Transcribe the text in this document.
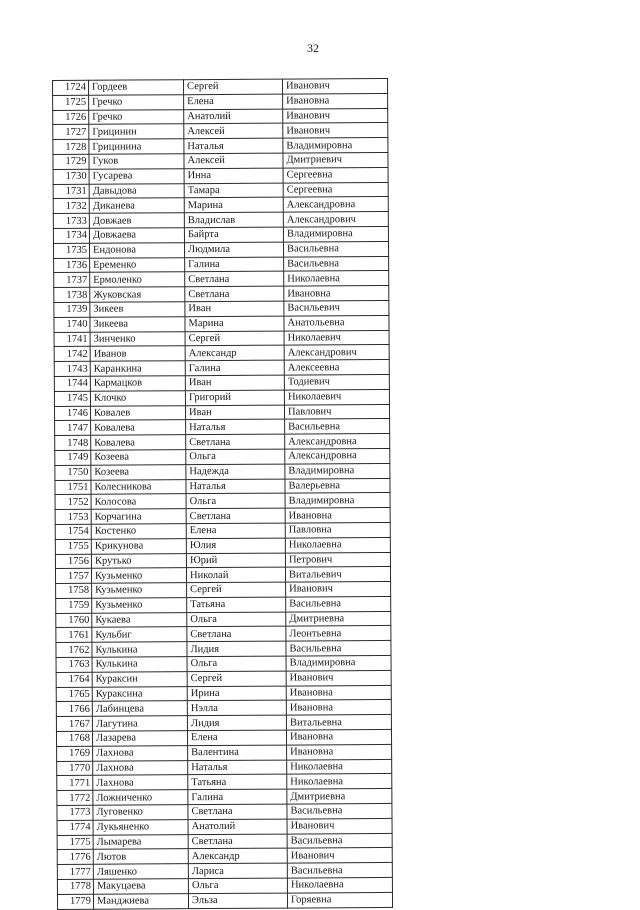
32
1724	Гордеев	Сергей	Иванович
1725	Гречко	Елена	Ивановна
1726	Гречко	Анатолий	Иванович
1727	Грицинин	Алексей	Иванович
1728	Грицинина	Наталья	Владимировна
1729	Гуков	Алексей	Дмитриевич
1730	Гусарева	Инна	Сергеевна
1731	Давыдова	Тамара	Сергеевна
1732	Диканева	Марина	Александровна
1733	Довжаев	Владислав	Александрович
1734	Довжаева	Байрта	Владимировна
1735	Ендонова	Людмила	Васильевна
1736	Еременко	Галина	Васильевна
1737	Ермоленко	Светлана	Николаевна
1738	Жуковская	Светлана	Ивановна
1739	Зикеев	Иван	Васильевич
1740	Зикеева	Марина	Анатольевна
1741	Зинченко	Сергей	Николаевич
1742	Иванов	Александр	Александрович
1743	Каранкина	Галина	Алексеевна
1744	Кармацков	Иван	Тодиевич
1745	Клочко	Григорий	Николаевич
1746	Ковалев	Иван	Павлович
1747	Ковалева	Наталья	Васильевна
1748	Ковалева	Светлана	Александровна
1749	Козеева	Ольга	Александровна
1750	Козеева	Надежда	Владимировна
1751	Колесникова	Наталья	Валерьевна
1752	Колосова	Ольга	Владимировна
1753	Корчагина	Светлана	Ивановна
1754	Костенко	Елена	Павловна
1755	Крикунова	Юлия	Николаевна
1756	Крутько	Юрий	Петрович
1757	Кузьменко	Николай	Витальевич
1758	Кузьменко	Сергей	Иванович
1759	Кузьменко	Татьяна	Васильевна
1760	Кукаева	Ольга	Дмитриевна
1761	Кульбиг	Светлана	Леонтьевна
1762	Кулькина	Лидия	Васильевна
1763	Кулькина	Ольга	Владимировна
1764	Кураксин	Сергей	Иванович
1765	Кураксина	Ирина	Ивановна
1766	Лабинцева	Нэлла	Ивановна
1767	Лагутина	Лидия	Витальевна
1768	Лазарева	Елена	Ивановна
1769	Лахнова	Валентина	Ивановна
1770	Лахнова	Наталья	Николаевна
1771	Лахнова	Татьяна	Николаевна
1772	Ложниченко	Галина	Дмитриевна
1773	Луговенко	Светлана	Васильевна
1774	Лукьяненко	Анатолий	Иванович
1775	Лымарева	Светлана	Васильевна
1776	Лютов	Александр	Иванович
1777	Ляшенко	Лариса	Васильевна
1778	Макуцаева	Ольга	Николаевна
1779	Манджиева	Эльза	Горяевна
